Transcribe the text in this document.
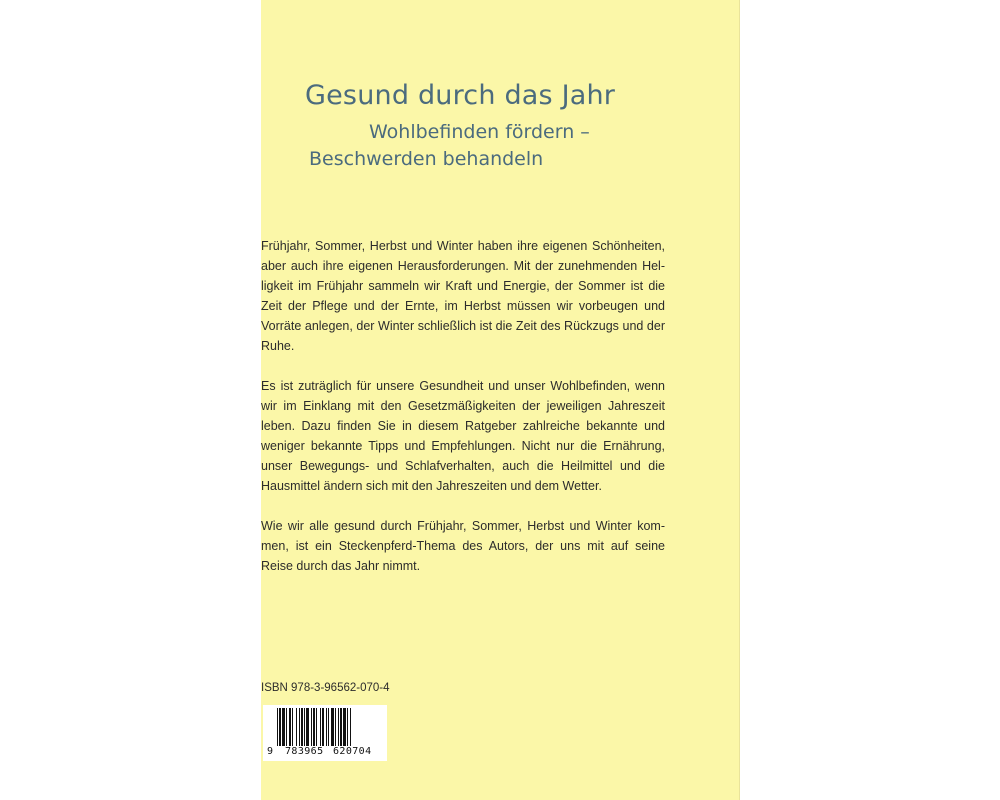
Gesund durch das Jahr
Wohlbefinden fördern –
Beschwerden behandeln

Frühjahr, Sommer, Herbst und Winter haben ihre eigenen Schönheiten, aber auch ihre eigenen Herausforderungen. Mit der zunehmenden Helligkeit im Frühjahr sammeln wir Kraft und Energie, der Sommer ist die Zeit der Pflege und der Ernte, im Herbst müssen wir vorbeugen und Vorräte anlegen, der Winter schließlich ist die Zeit des Rückzugs und der Ruhe.

Es ist zuträglich für unsere Gesundheit und unser Wohlbefinden, wenn wir im Einklang mit den Gesetzmäßigkeiten der jeweiligen Jahreszeit leben. Dazu finden Sie in diesem Ratgeber zahlreiche bekannte und weniger bekannte Tipps und Empfehlungen. Nicht nur die Ernährung, unser Bewegungs- und Schlafverhalten, auch die Heilmittel und die Hausmittel ändern sich mit den Jahreszeiten und dem Wetter.

Wie wir alle gesund durch Frühjahr, Sommer, Herbst und Winter kommen, ist ein Steckenpferd-Thema des Autors, der uns mit auf seine Reise durch das Jahr nimmt.

ISBN 978-3-96562-070-4
9 783965 620704
